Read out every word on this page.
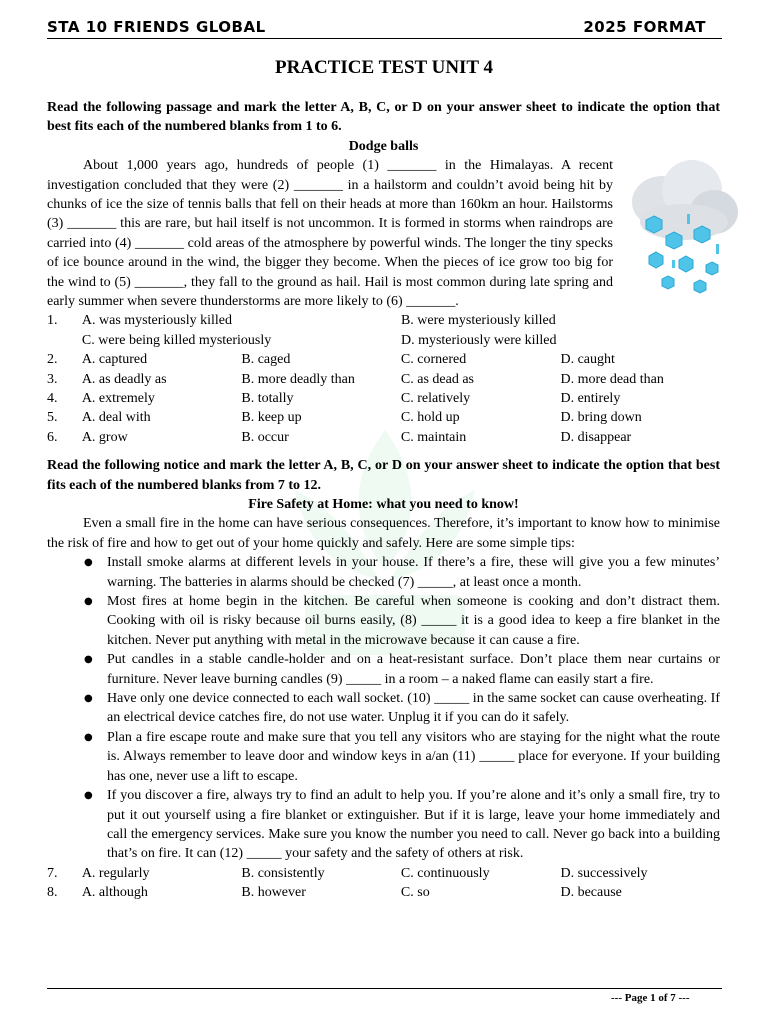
STA 10 FRIENDS GLOBAL	2025 FORMAT
PRACTICE TEST UNIT 4

Read the following passage and mark the letter A, B, C, or D on your answer sheet to indicate the option that best fits each of the numbered blanks from 1 to 6.

Dodge balls

About 1,000 years ago, hundreds of people (1) _______ in the Himalayas. A recent investigation concluded that they were (2) _______ in a hailstorm and couldn’t avoid being hit by chunks of ice the size of tennis balls that fell on their heads at more than 160km an hour. Hailstorms (3) _______ this are rare, but hail itself is not uncommon. It is formed in storms when raindrops are carried into (4) _______ cold areas of the atmosphere by powerful winds. The longer the tiny specks of ice bounce around in the wind, the bigger they become. When the pieces of ice grow too big for the wind to (5) _______, they fall to the ground as hail. Hail is most common during late spring and early summer when severe thunderstorms are more likely to (6) _______.

1.	A. was mysteriously killed	B. were mysteriously killed
C. were being killed mysteriously	D. mysteriously were killed
2.	A. captured	B. caged	C. cornered	D. caught
3.	A. as deadly as	B. more deadly than	C. as dead as	D. more dead than
4.	A. extremely	B. totally	C. relatively	D. entirely
5.	A. deal with	B. keep up	C. hold up	D. bring down
6.	A. grow	B. occur	C. maintain	D. disappear

Read the following notice and mark the letter A, B, C, or D on your answer sheet to indicate the option that best fits each of the numbered blanks from 7 to 12.

Fire Safety at Home: what you need to know!

Even a small fire in the home can have serious consequences. Therefore, it’s important to know how to minimise the risk of fire and how to get out of your home quickly and safely. Here are some simple tips:

● Install smoke alarms at different levels in your house. If there’s a fire, these will give you a few minutes’ warning. The batteries in alarms should be checked (7) _____, at least once a month.
● Most fires at home begin in the kitchen. Be careful when someone is cooking and don’t distract them. Cooking with oil is risky because oil burns easily, (8) _____ it is a good idea to keep a fire blanket in the kitchen. Never put anything with metal in the microwave because it can cause a fire.
● Put candles in a stable candle-holder and on a heat-resistant surface. Don’t place them near curtains or furniture. Never leave burning candles (9) _____ in a room – a naked flame can easily start a fire.
● Have only one device connected to each wall socket. (10) _____ in the same socket can cause overheating. If an electrical device catches fire, do not use water. Unplug it if you can do it safely.
● Plan a fire escape route and make sure that you tell any visitors who are staying for the night what the route is. Always remember to leave door and window keys in a/an (11) _____ place for everyone. If your building has one, never use a lift to escape.
● If you discover a fire, always try to find an adult to help you. If you’re alone and it’s only a small fire, try to put it out yourself using a fire blanket or extinguisher. But if it is large, leave your home immediately and call the emergency services. Make sure you know the number you need to call. Never go back into a building that’s on fire. It can (12) _____ your safety and the safety of others at risk.
7.	A. regularly	B. consistently	C. continuously	D. successively
8.	A. although	B. however	C. so	D. because
--- Page 1 of 7 ---
